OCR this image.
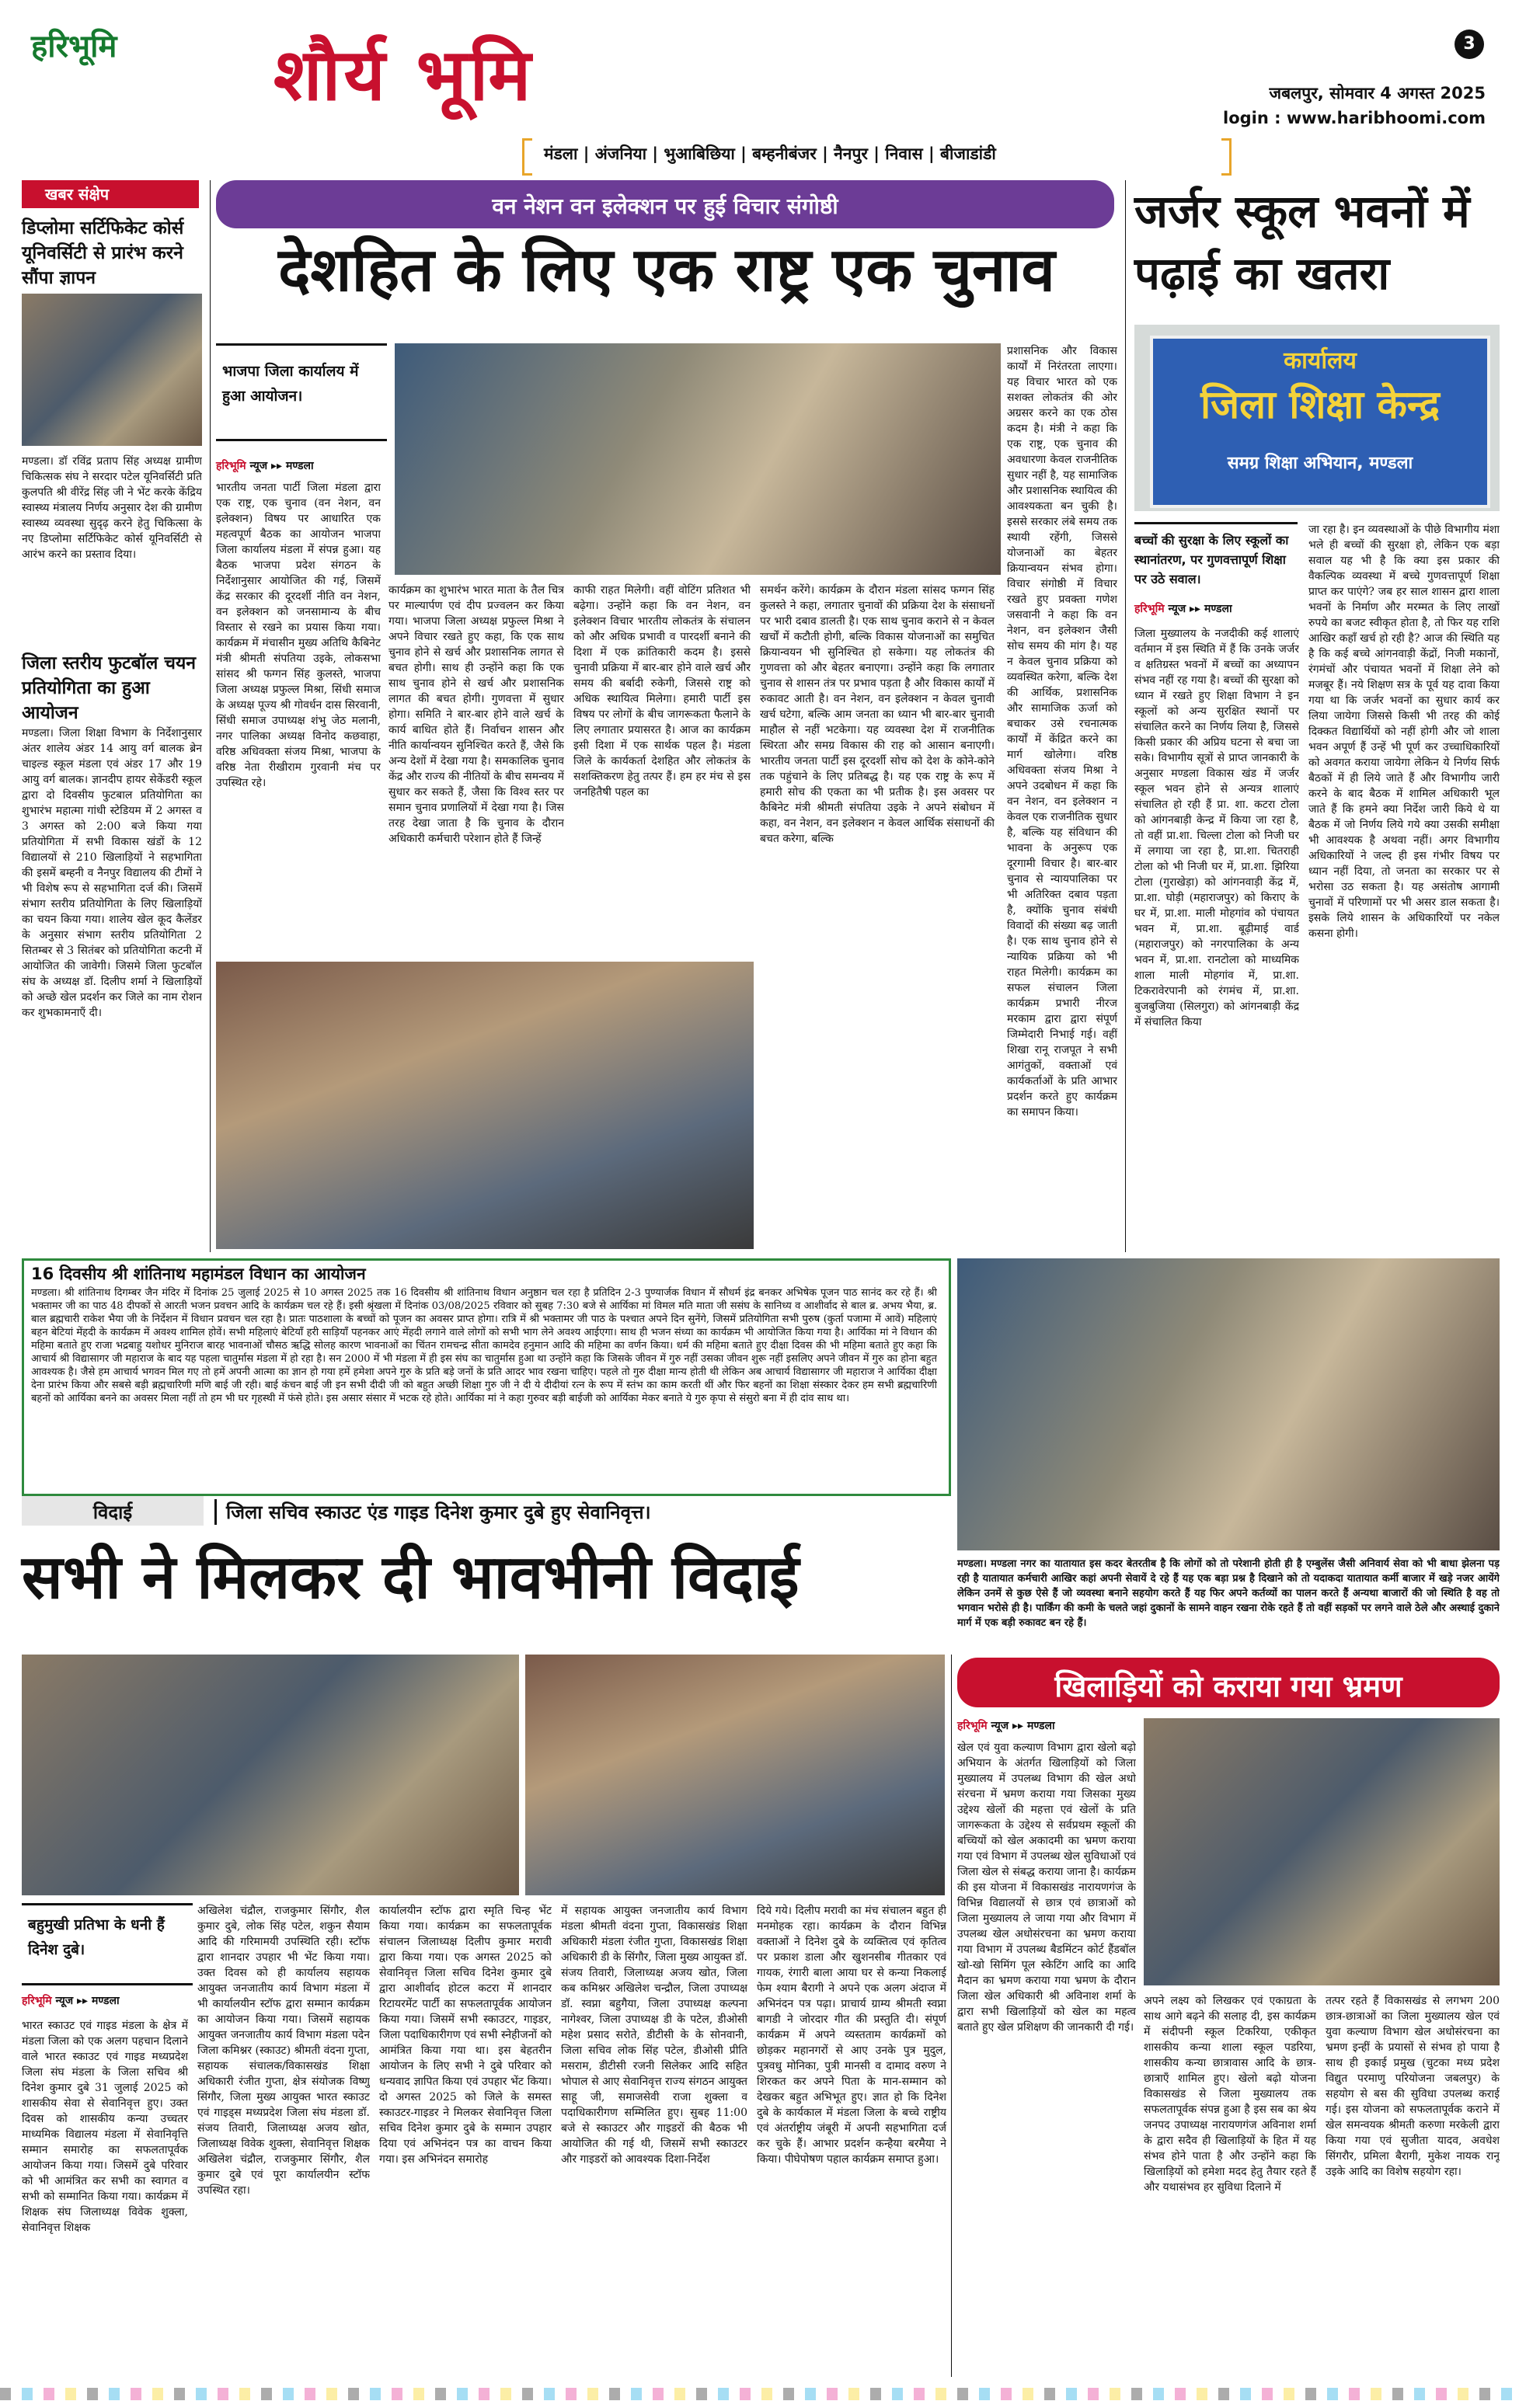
हरिभूमि शौर्य भूमि	3
जबलपुर, सोमवार 4 अगस्त 2025
login : www.haribhoomi.com
मंडला | अंजनिया | भुआबिछिया | बम्हनीबंजर | नैनपुर | निवास | बीजाडांडी
खबर संक्षेप
डिप्लोमा सर्टिफिकेट कोर्स यूनिवर्सिटी से प्रारंभ करने सौंपा ज्ञापन
मण्डला। डॉ रविंद्र प्रताप सिंह अध्यक्ष ग्रामीण चिकित्सक संघ ने सरदार पटेल यूनिवर्सिटी प्रति कुलपति श्री वीरेंद्र सिंह जी ने भेंट करके केंद्रिय स्वास्थ्य मंत्रालय निर्णय अनुसार देश की ग्रामीण स्वास्थ्य व्यवस्था सुदृढ़ करने हेतु चिकित्सा के नए डिप्लोमा सर्टिफिकेट कोर्स यूनिवर्सिटी से आरंभ करने का प्रस्ताव दिया।
जिला स्तरीय फुटबॉल चयन प्रतियोगिता का हुआ आयोजन
मण्डला। जिला शिक्षा विभाग के निर्देशानुसार अंतर शालेय अंडर 14 आयु वर्ग बालक ब्रेन चाइल्ड स्कूल मंडला एवं अंडर 17 और 19 आयु वर्ग बालक। ज्ञानदीप हायर सेकेंडरी स्कूल द्वारा दो दिवसीय फुटबाल प्रतियोगिता का शुभारंभ महात्मा गांधी स्टेडियम में 2 अगस्त व 3 अगस्त को 2:00 बजे किया गया प्रतियोगिता में सभी विकास खंडों के 12 विद्यालयों से 210 खिलाड़ियों ने सहभागिता की इसमें बम्हनी व नैनपुर विद्यालय की टीमों ने भी विशेष रूप से सहभागिता दर्ज की। जिसमें संभाग स्तरीय प्रतियोगिता के लिए खिलाड़ियों का चयन किया गया। शालेय खेल कूद कैलेंडर के अनुसार संभाग स्तरीय प्रतियोगिता 2 सितम्बर से 3 सितंबर को प्रतियोगिता कटनी में आयोजित की जावेगी। जिसमे जिला फुटबॉल संघ के अध्यक्ष डॉ. दिलीप शर्मा ने खिलाड़ियों को अच्छे खेल प्रदर्शन कर जिले का नाम रोशन कर शुभकामनाएँ दी।
वन नेशन वन इलेक्शन पर हुई विचार संगोष्ठी
देशहित के लिए एक राष्ट्र एक चुनाव
भाजपा जिला कार्यालय में हुआ आयोजन।
हरिभूमि न्यूज ▸▸ मण्डला
भारतीय जनता पार्टी जिला मंडला द्वारा एक राष्ट्र, एक चुनाव (वन नेशन, वन इलेक्शन) विषय पर आधारित एक महत्वपूर्ण बैठक का आयोजन भाजपा जिला कार्यालय मंडला में संपन्न हुआ। यह बैठक भाजपा प्रदेश संगठन के निर्देशानुसार आयोजित की गई, जिसमें केंद्र सरकार की दूरदर्शी नीति वन नेशन, वन इलेक्शन को जनसामान्य के बीच विस्तार से रखने का प्रयास किया गया। कार्यक्रम में मंचासीन मुख्य अतिथि कैबिनेट मंत्री श्रीमती संपतिया उइके, लोकसभा सांसद श्री फग्गन सिंह कुलस्ते, भाजपा जिला अध्यक्ष प्रफुल्ल मिश्रा, सिंधी समाज के अध्यक्ष पूज्य श्री गोवर्धन दास सिरवानी, सिंधी समाज उपाध्यक्ष शंभु जेठ मलानी, नगर पालिका अध्यक्ष विनोद कछवाहा, वरिष्ठ अधिवक्ता संजय मिश्रा, भाजपा के वरिष्ठ नेता रीखीराम गुरवानी मंच पर उपस्थित रहे।
कार्यक्रम का शुभारंभ भारत माता के तैल चित्र पर माल्यार्पण एवं दीप प्रज्वलन कर किया गया। भाजपा जिला अध्यक्ष प्रफुल्ल मिश्रा ने अपने विचार रखते हुए कहा, कि एक साथ चुनाव होने से खर्च और प्रशासनिक लागत से बचत होगी। साथ ही उन्होंने कहा कि एक साथ चुनाव होने से खर्च और प्रशासनिक लागत की बचत होगी। गुणवत्ता में सुधार होगा। समिति ने बार-बार होने वाले खर्च के कार्य बाधित होते हैं। निर्वाचन शासन और नीति कार्यान्वयन सुनिश्चित करते हैं, जैसे कि अन्य देशों में देखा गया है। समकालिक चुनाव केंद्र और राज्य की नीतियों के बीच समन्वय में सुधार कर सकते हैं, जैसा कि विश्व स्तर पर समान चुनाव प्रणालियों में देखा गया है। जिस तरह देखा जाता है कि चुनाव के दौरान अधिकारी कर्मचारी परेशान होते हैं जिन्हें
काफी राहत मिलेगी। वहीं वोटिंग प्रतिशत भी बढ़ेगा। उन्होंने कहा कि वन नेशन, वन इलेक्शन विचार भारतीय लोकतंत्र के संचालन को और अधिक प्रभावी व पारदर्शी बनाने की दिशा में एक क्रांतिकारी कदम है। इससे चुनावी प्रक्रिया में बार-बार होने वाले खर्च और समय की बर्बादी रुकेगी, जिससे राष्ट्र को अधिक स्थायित्व मिलेगा। हमारी पार्टी इस विषय पर लोगों के बीच जागरूकता फैलाने के लिए लगातार प्रयासरत है। आज का कार्यक्रम इसी दिशा में एक सार्थक पहल है। मंडला जिले के कार्यकर्ता देशहित और लोकतंत्र के सशक्तिकरण हेतु तत्पर हैं। हम हर मंच से इस जनहितैषी पहल का
समर्थन करेंगे। कार्यक्रम के दौरान मंडला सांसद फग्गन सिंह कुलस्ते ने कहा, लगातार चुनावों की प्रक्रिया देश के संसाधनों पर भारी दबाव डालती है। एक साथ चुनाव कराने से न केवल खर्चों में कटौती होगी, बल्कि विकास योजनाओं का समुचित क्रियान्वयन भी सुनिश्चित हो सकेगा। यह लोकतंत्र की गुणवत्ता को और बेहतर बनाएगा। उन्होंने कहा कि लगातार चुनाव से शासन तंत्र पर प्रभाव पड़ता है और विकास कार्यों में रुकावट आती है। वन नेशन, वन इलेक्शन न केवल चुनावी खर्च घटेगा, बल्कि आम जनता का ध्यान भी बार-बार चुनावी माहौल से नहीं भटकेगा। यह व्यवस्था देश में राजनीतिक स्थिरता और समग्र विकास की राह को आसान बनाएगी। भारतीय जनता पार्टी इस दूरदर्शी सोच को देश के कोने-कोने तक पहुंचाने के लिए प्रतिबद्ध है। यह एक राष्ट्र के रूप में हमारी सोच की एकता का भी प्रतीक है। इस अवसर पर कैबिनेट मंत्री श्रीमती संपतिया उइके ने अपने संबोधन में कहा, वन नेशन, वन इलेक्शन न केवल आर्थिक संसाधनों की बचत करेगा, बल्कि
प्रशासनिक और विकास कार्यों में निरंतरता लाएगा। यह विचार भारत को एक सशक्त लोकतंत्र की ओर अग्रसर करने का एक ठोस कदम है। मंत्री ने कहा कि एक राष्ट्र, एक चुनाव की अवधारणा केवल राजनीतिक सुधार नहीं है, यह सामाजिक और प्रशासनिक स्थायित्व की आवश्यकता बन चुकी है। इससे सरकार लंबे समय तक स्थायी रहेंगी, जिससे योजनाओं का बेहतर क्रियान्वयन संभव होगा। विचार संगोष्ठी में विचार रखते हुए प्रवक्ता गणेश जसवानी ने कहा कि वन नेशन, वन इलेक्शन जैसी सोच समय की मांग है। यह न केवल चुनाव प्रक्रिया को व्यवस्थित करेगा, बल्कि देश की आर्थिक, प्रशासनिक और सामाजिक ऊर्जा को बचाकर उसे रचनात्मक कार्यों में केंद्रित करने का मार्ग खोलेगा। वरिष्ठ अधिवक्ता संजय मिश्रा ने अपने उदबोधन में कहा कि वन नेशन, वन इलेक्शन न केवल एक राजनीतिक सुधार है, बल्कि यह संविधान की भावना के अनुरूप एक दूरगामी विचार है। बार-बार चुनाव से न्यायपालिका पर भी अतिरिक्त दबाव पड़ता है, क्योंकि चुनाव संबंधी विवादों की संख्या बढ़ जाती है। एक साथ चुनाव होने से न्यायिक प्रक्रिया को भी राहत मिलेगी। कार्यक्रम का सफल संचालन जिला कार्यक्रम प्रभारी नीरज मरकाम द्वारा द्वारा संपूर्ण जिम्मेदारी निभाई गई। वहीं शिखा रानू राजपूत ने सभी आगंतुकों, वक्ताओं एवं कार्यकर्ताओं के प्रति आभार प्रदर्शन करते हुए कार्यक्रम का समापन किया।
जर्जर स्कूल भवनों में पढ़ाई का खतरा
कार्यालय
जिला शिक्षा केन्द्र
समग्र शिक्षा अभियान, मण्डला
बच्चों की सुरक्षा के लिए स्कूलों का स्थानांतरण, पर गुणवत्तापूर्ण शिक्षा पर उठे सवाल।
हरिभूमि न्यूज ▸▸ मण्डला
जिला मुख्यालय के नजदीकी कई शालाएं वर्तमान में इस स्थिति में हैं कि उनके जर्जर व क्षतिग्रस्त भवनों में बच्चों का अध्यापन संभव नहीं रह गया है। बच्चों की सुरक्षा को ध्यान में रखते हुए शिक्षा विभाग ने इन स्कूलों को अन्य सुरक्षित स्थानों पर संचालित करने का निर्णय लिया है, जिससे किसी प्रकार की अप्रिय घटना से बचा जा सके। विभागीय सूत्रों से प्राप्त जानकारी के अनुसार मण्डला विकास खंड में जर्जर स्कूल भवन होने से अन्यत्र शालाएं संचालित हो रही हैं प्रा. शा. कटरा टोला को आंगनबाड़ी केन्द्र में किया जा रहा है, तो वहीं प्रा.शा. चिल्ला टोला को निजी घर में लगाया जा रहा है, प्रा.शा. चितराही टोला को भी निजी घर में, प्रा.शा. झिरिया टोला (गुराखेड़ा) को आंगनवाड़ी केंद्र में, प्रा.शा. घोड़ी (महाराजपुर) को किराए के घर में, प्रा.शा. माली मोहगांव को पंचायत भवन में, प्रा.शा. बूढ़ीमाई वार्ड (महाराजपुर) को नगरपालिका के अन्य भवन में, प्रा.शा. रानटोला को माध्यमिक शाला माली मोहगांव में, प्रा.शा. टिकरावेरपानी को रंगमंच में, प्रा.शा. बुजबुजिया (सिलगुरा) को आंगनबाड़ी केंद्र में संचालित किया
जा रहा है। इन व्यवस्थाओं के पीछे विभागीय मंशा भले ही बच्चों की सुरक्षा हो, लेकिन एक बड़ा सवाल यह भी है कि क्या इस प्रकार की वैकल्पिक व्यवस्था में बच्चे गुणवत्तापूर्ण शिक्षा प्राप्त कर पाएंगे? जब हर साल शासन द्वारा शाला भवनों के निर्माण और मरम्मत के लिए लाखों रुपये का बजट स्वीकृत होता है, तो फिर यह राशि आखिर कहाँ खर्च हो रही है? आज की स्थिति यह है कि कई बच्चे आंगनवाड़ी केंद्रों, निजी मकानों, रंगमंचों और पंचायत भवनों में शिक्षा लेने को मजबूर हैं। नये शिक्षण सत्र के पूर्व यह दावा किया गया था कि जर्जर भवनों का सुधार कार्य कर लिया जायेगा जिससे किसी भी तरह की कोई दिक्कत विद्यार्थियों को नहीं होगी और जो शाला भवन अपूर्ण हैं उन्हें भी पूर्ण कर उच्चाधिकारियों को अवगत कराया जायेगा लेकिन ये निर्णय सिर्फ बैठकों में ही लिये जाते हैं और विभागीय जारी करने के बाद बैठक में शामिल अधिकारी भूल जाते हैं कि हमने क्या निर्देश जारी किये थे या बैठक में जो निर्णय लिये गये क्या उसकी समीक्षा भी आवश्यक है अथवा नहीं। अगर विभागीय अधिकारियों ने जल्द ही इस गंभीर विषय पर ध्यान नहीं दिया, तो जनता का सरकार पर से भरोसा उठ सकता है। यह असंतोष आगामी चुनावों में परिणामों पर भी असर डाल सकता है। इसके लिये शासन के अधिकारियों पर नकेल कसना होगी।
16 दिवसीय श्री शांतिनाथ महामंडल विधान का आयोजन
मण्डला। श्री शांतिनाथ दिगम्बर जैन मंदिर में दिनांक 25 जुलाई 2025 से 10 अगस्त 2025 तक 16 दिवसीय श्री शांतिनाथ विधान अनुष्ठान चल रहा है प्रतिदिन 2-3 पुण्यार्जक विधान में सौधर्म इंद्र बनकर अभिषेक पूजन पाठ सानंद कर रहे हैं। श्री भक्तामर जी का पाठ 48 दीपकों से आरती भजन प्रवचन आदि के कार्यक्रम चल रहे हैं। इसी श्रृंखला में दिनांक 03/08/2025 रविवार को सुबह 7:30 बजे से आर्यिका मां विमल मति माता जी ससंघ के सानिध्य व आशीर्वाद से बाल ब्र. अभय भैया, ब्र. बाल ब्रह्मचारी राकेश भैया जी के निर्देशन में विधान प्रवचन चल रहा है। प्रातः पाठशाला के बच्चों को पूजन का अवसर प्राप्त होगा। रात्रि में श्री भक्तामर जी पाठ के पश्चात अपने दिन सुनेंगे, जिसमें प्रतियोगिता सभी पुरुष (कुर्ता पजामा में आवें) महिलाएं बहन बेटियां मेंहदी के कार्यक्रम में अवश्य शामिल होवें। सभी महिलाएं बेटियाँ हरी साड़ियाँ पहनकर आएं मेंहदी लगाने वाले लोगों को सभी भाग लेने अवश्य आईएगा। साथ ही भजन संध्या का कार्यक्रम भी आयोजित किया गया है। आर्यिका मां ने विधान की महिमा बताते हुए राजा भद्रबाहु यशोधर मुनिराज बारह भावनाओं चौसठ ऋद्धि सोलह कारण भावनाओं का चिंतन रामचन्द्र सीता कामदेव हनुमान आदि की महिमा का वर्णन किया। धर्म की महिमा बताते हुए दीक्षा दिवस की भी महिमा बताते हुए कहा कि आचार्य श्री विद्यासागर जी महाराज के बाद यह पहला चातुर्मास मंडला में हो रहा है। सन 2000 में भी मंडला में ही इस संघ का चातुर्मास हुआ था उन्होंने कहा कि जिसके जीवन में गुरु नहीं उसका जीवन शुरू नहीं इसलिए अपने जीवन में गुरु का होना बहुत आवश्यक है। जैसे हम आचार्य भगवन मिल गए तो हमें अपनी आत्मा का ज्ञान हो गया हमें हमेशा अपने गुरु के प्रति बड़े जनों के प्रति आदर भाव रखना चाहिए। पहले तो गुरु दीक्षा मान्य होती थी लेकिन अब आचार्य विद्यासागर जी महाराज ने आर्यिका दीक्षा देना प्रारंभ किया और सबसे बड़ी ब्रह्मचारिणी मणि बाई जी रही। बाई कंचन बाई जी इन सभी दीदी जी को बहुत अच्छी शिक्षा गुरु जी ने दी ये दीदीयां रत्न के रूप में स्तंभ का काम करती थीं और फिर बहनों का शिक्षा संस्कार देकर हम सभी ब्रह्मचारिणी बहनों को आर्यिका बनने का अवसर मिला नहीं तो हम भी घर गृहस्थी में फंसे होते। इस असार संसार में भटक रहे होते। आर्यिका मां ने कहा गुरुवर बड़ी बाईजी को आर्यिका मेकर बनाते ये गुरु कृपा से संसुरो बना में ही दांव साथ था।
मण्डला। मण्डला नगर का यातायात इस कदर बेतरतीब है कि लोगों को तो परेशानी होती ही है एम्बुलेंस जैसी अनिवार्य सेवा को भी बाधा झेलना पड़ रही है यातायात कर्मचारी आखिर कहां अपनी सेवायें दे रहे हैं यह एक बड़ा प्रश्न है दिखाने को तो यदाकदा यातायात कर्मी बाजार में खड़े नजर आयेंगे लेकिन उनमें से कुछ ऐसे हैं जो व्यवस्था बनाने सहयोग करते हैं यह फिर अपने कर्तव्यों का पालन करते हैं अन्यथा बाजारों की जो स्थिति है वह तो भगवान भरोसे ही है। पार्किंग की कमी के चलते जहां दुकानों के सामने वाहन रखना रोके रहते हैं तो वहीं सड़कों पर लगने वाले ठेले और अस्थाई दुकाने मार्ग में एक बड़ी रुकावट बन रहे हैं।
विदाई	जिला सचिव स्काउट एंड गाइड दिनेश कुमार दुबे हुए सेवानिवृत्त।
सभी ने मिलकर दी भावभीनी विदाई
बहुमुखी प्रतिभा के धनी हैं दिनेश दुबे।
हरिभूमि न्यूज ▸▸ मण्डला
भारत स्काउट एवं गाइड मंडला के क्षेत्र में मंडला जिला को एक अलग पहचान दिलाने वाले भारत स्काउट एवं गाइड मध्यप्रदेश जिला संघ मंडला के जिला सचिव श्री दिनेश कुमार दुबे 31 जुलाई 2025 को शासकीय सेवा से सेवानिवृत्त हुए। उक्त दिवस को शासकीय कन्या उच्चतर माध्यमिक विद्यालय मंडला में सेवानिवृत्ति सम्मान समारोह का सफलतापूर्वक आयोजन किया गया। जिसमें दुबे परिवार को भी आमंत्रित कर सभी का स्वागत व सभी को सम्मानित किया गया। कार्यक्रम में शिक्षक संघ जिलाध्यक्ष विवेक शुक्ला, सेवानिवृत्त शिक्षक
अखिलेश चंद्रौल, राजकुमार सिंगौर, शैल कुमार दुबे, लोक सिंह पटेल, शकुन सैयाम आदि की गरिमामयी उपस्थिति रही। स्टॉफ द्वारा शानदार उपहार भी भेंट किया गया। उक्त दिवस को ही कार्यालय सहायक आयुक्त जनजातीय कार्य विभाग मंडला में भी कार्यालयीन स्टॉफ द्वारा सम्मान कार्यक्रम का आयोजन किया गया। जिसमें सहायक आयुक्त जनजातीय कार्य विभाग मंडला पदेन जिला कमिश्नर (स्काउट) श्रीमती वंदना गुप्ता, सहायक संचालक/विकासखंड शिक्षा अधिकारी रंजीत गुप्ता, क्षेत्र संयोजक विष्णु सिंगौर, जिला मुख्य आयुक्त भारत स्काउट एवं गाइड्स मध्यप्रदेश जिला संघ मंडला डॉ. संजय तिवारी, जिलाध्यक्ष अजय खोत, जिलाध्यक्ष विवेक शुक्ला, सेवानिवृत्त शिक्षक अखिलेश चंद्रौल, राजकुमार सिंगौर, शैल कुमार दुबे एवं पूरा कार्यालयीन स्टॉफ उपस्थित रहा।
कार्यालयीन स्टॉफ द्वारा स्मृति चिन्ह भेंट किया गया। कार्यक्रम का सफलतापूर्वक संचालन जिलाध्यक्ष दिलीप कुमार मरावी द्वारा किया गया। एक अगस्त 2025 को सेवानिवृत्त जिला सचिव दिनेश कुमार दुबे द्वारा आशीर्वाद होटल कटरा में शानदार रिटायरमेंट पार्टी का सफलतापूर्वक आयोजन किया गया। जिसमें सभी स्काउटर, गाइडर, जिला पदाधिकारीगण एवं सभी स्नेहीजनों को आमंत्रित किया गया था। इस बेहतरीन आयोजन के लिए सभी ने दुबे परिवार को धन्यवाद ज्ञापित किया एवं उपहार भेंट किया। दो अगस्त 2025 को जिले के समस्त स्काउटर-गाइडर ने मिलकर सेवानिवृत्त जिला सचिव दिनेश कुमार दुबे के सम्मान उपहार दिया एवं अभिनंदन पत्र का वाचन किया गया। इस अभिनंदन समारोह
में सहायक आयुक्त जनजातीय कार्य विभाग मंडला श्रीमती वंदना गुप्ता, विकासखंड शिक्षा अधिकारी मंडला रंजीत गुप्ता, विकासखंड शिक्षा अधिकारी डी के सिंगौर, जिला मुख्य आयुक्त डॉ. संजय तिवारी, जिलाध्यक्ष अजय खोत, जिला कब कमिश्नर अखिलेश चन्द्रौल, जिला उपाध्यक्ष डॉ. स्वप्ना बहुगैया, जिला उपाध्यक्ष कल्पना नागेश्वर, जिला उपाध्यक्ष डी के पटेल, डीओसी महेश प्रसाद सरोते, डीटीसी के के सोनवानी, जिला सचिव लोक सिंह पटेल, डीओसी प्रीति मसराम, डीटीसी रजनी सिलेकर आदि सहित भोपाल से आए सेवानिवृत्त राज्य संगठन आयुक्त साहू जी, समाजसेवी राजा शुक्ला व पदाधिकारीगण सम्मिलित हुए। सुबह 11:00 बजे से स्काउटर और गाइडरों की बैठक भी आयोजित की गई थी, जिसमें सभी स्काउटर और गाइडरों को आवश्यक दिशा-निर्देश
दिये गये। दिलीप मरावी का मंच संचालन बहुत ही मनमोहक रहा। कार्यक्रम के दौरान विभिन्न वक्ताओं ने दिनेश दुबे के व्यक्तित्व एवं कृतित्व पर प्रकाश डाला और खुशनसीब गीतकार एवं गायक, रंगारी बाला आया घर से कन्या निकलाई फेम श्याम बैरागी ने अपने एक अलग अंदाज में अभिनंदन पत्र पढ़ा। प्राचार्य ग्राम्य श्रीमती स्वप्ना बागडी ने जोरदार गीत की प्रस्तुति दी। संपूर्ण कार्यक्रम में अपने व्यस्तताम कार्यक्रमों को छोड़कर महानगरों से आए उनके पुत्र मुदुल, पुत्रवधु मोनिका, पुत्री मानसी व दामाद वरुण ने शिरकत कर अपने पिता के मान-सम्मान को देखकर बहुत अभिभूत हुए। ज्ञात हो कि दिनेश दुबे के कार्यकाल में मंडला जिला के बच्चे राष्ट्रीय एवं अंतर्राष्ट्रीय जंबूरी में अपनी सहभागिता दर्ज कर चुके हैं। आभार प्रदर्शन कन्हैया बरमैया ने किया। पीघेपोषण पहाल कार्यक्रम समाप्त हुआ।
खिलाड़ियों को कराया गया भ्रमण
हरिभूमि न्यूज ▸▸ मण्डला
खेल एवं युवा कल्याण विभाग द्वारा खेलो बढ़ो अभियान के अंतर्गत खिलाड़ियों को जिला मुख्यालय में उपलब्ध विभाग की खेल अधो संरचना में भ्रमण कराया गया जिसका मुख्य उद्देश्य खेलों की महत्ता एवं खेलों के प्रति जागरूकता के उद्देश्य से सर्वप्रथम स्कूलों की बच्चियों को खेल अकादमी का भ्रमण कराया गया एवं विभाग में उपलब्ध खेल सुविधाओं एवं जिला खेल से संबद्ध कराया जाना है। कार्यक्रम की इस योजना में विकासखंड नारायणगंज के विभिन्न विद्यालयों से छात्र एवं छात्राओं को जिला मुख्यालय ले जाया गया और विभाग में उपलब्ध खेल अधोसंरचना का भ्रमण कराया गया विभाग में उपलब्ध बैडमिंटन कोर्ट हैंडबॉल खो-खो सिमिंग पूल स्केटिंग आदि का आदि मैदान का भ्रमण कराया गया भ्रमण के दौरान जिला खेल अधिकारी श्री अविनाश शर्मा के द्वारा सभी खिलाड़ियों को खेल का महत्व बताते हुए खेल प्रशिक्षण की जानकारी दी गई।
अपने लक्ष्य को लिखकर एवं एकाग्रता के साथ आगे बढ़ने की सलाह दी, इस कार्यक्रम में संदीपनी स्कूल टिकरिया, एकीकृत शासकीय कन्या शाला स्कूल पडरिया, शासकीय कन्या छात्रावास आदि के छात्र-छात्राएँ शामिल हुए। खेलो बढ़ो योजना विकासखंड से जिला मुख्यालय तक सफलतापूर्वक संपन्न हुआ है इस सब का श्रेय जनपद उपाध्यक्ष नारायणगंज अविनाश शर्मा के द्वारा सदैव ही खिलाड़ियों के हित में यह संभव होने पाता है और उन्होंने कहा कि खिलाड़ियों को हमेशा मदद हेतु तैयार रहते हैं और यथासंभव हर सुविधा दिलाने में
तत्पर रहते हैं विकासखंड से लगभग 200 छात्र-छात्राओं का जिला मुख्यालय खेल एवं युवा कल्याण विभाग खेल अधोसंरचना का भ्रमण इन्हीं के प्रयासों से संभव हो पाया है साथ ही इकाई प्रमुख (चुटका मध्य प्रदेश विद्युत परमाणु परियोजना जबलपुर) के सहयोग से बस की सुविधा उपलब्ध कराई गई। इस योजना को सफलतापूर्वक कराने में खेल समन्वयक श्रीमती करुणा मरकेली द्वारा किया गया एवं सुजीता यादव, अवधेश सिंगरौर, प्रमिला बैरागी, मुकेश नायक रानू उइके आदि का विशेष सहयोग रहा।
